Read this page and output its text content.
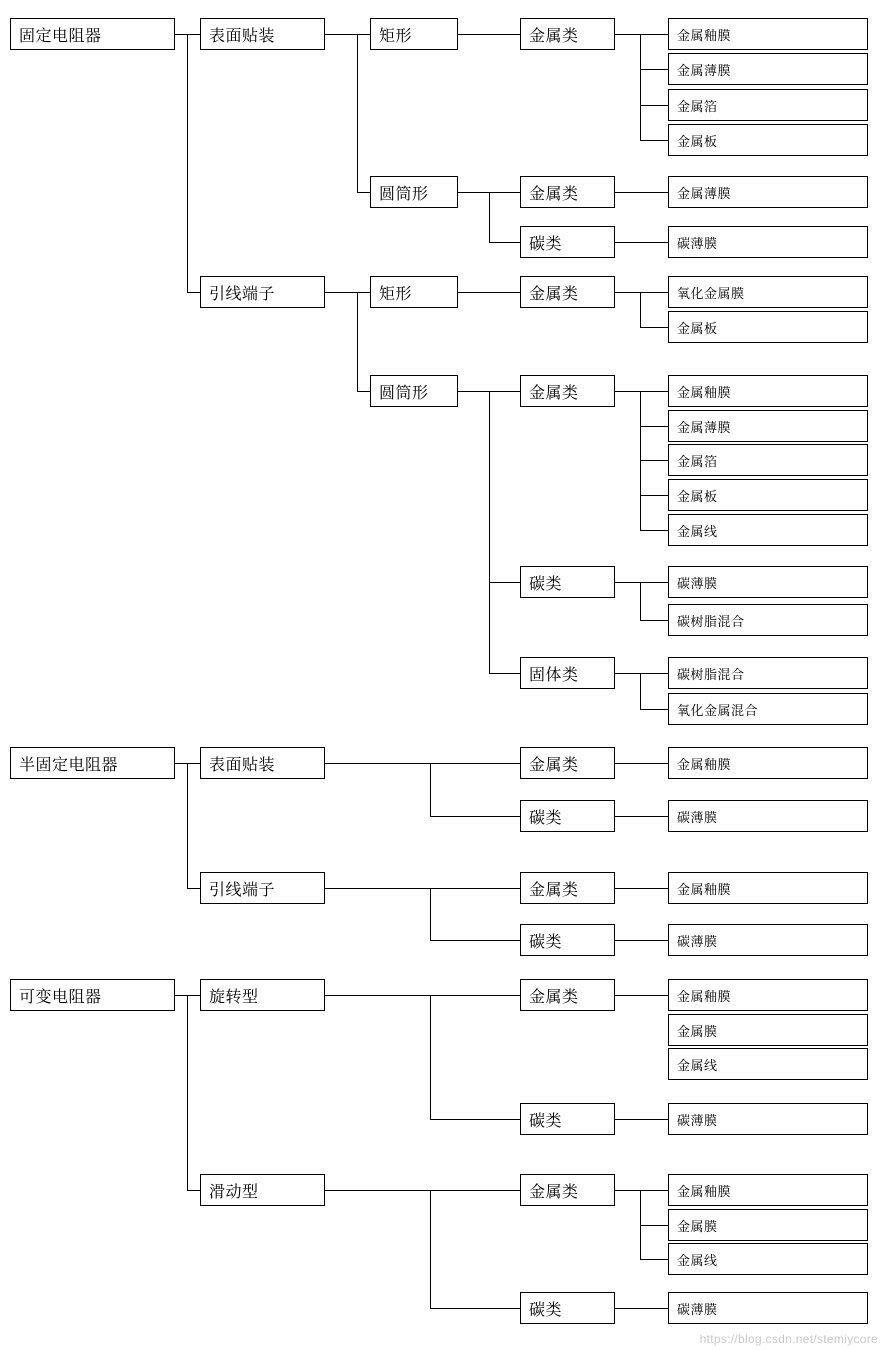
固定电阻器	表面贴装	矩形	金属类	金属釉膜
金属薄膜
金属箔
金属板
圆筒形	金属类	金属薄膜
碳类	碳薄膜
引线端子	矩形	金属类	氧化金属膜
金属板
圆筒形	金属类	金属釉膜
金属薄膜
金属箔
金属板
金属线
碳类	碳薄膜
碳树脂混合
固体类	碳树脂混合
氧化金属混合
半固定电阻器	表面贴装	金属类	金属釉膜
碳类	碳薄膜
引线端子	金属类	金属釉膜
碳类	碳薄膜
可变电阻器	旋转型	金属类	金属釉膜
金属膜
金属线
碳类	碳薄膜
滑动型	金属类	金属釉膜
金属膜
金属线
碳类	碳薄膜
https://blog.csdn.net/stemiycore
